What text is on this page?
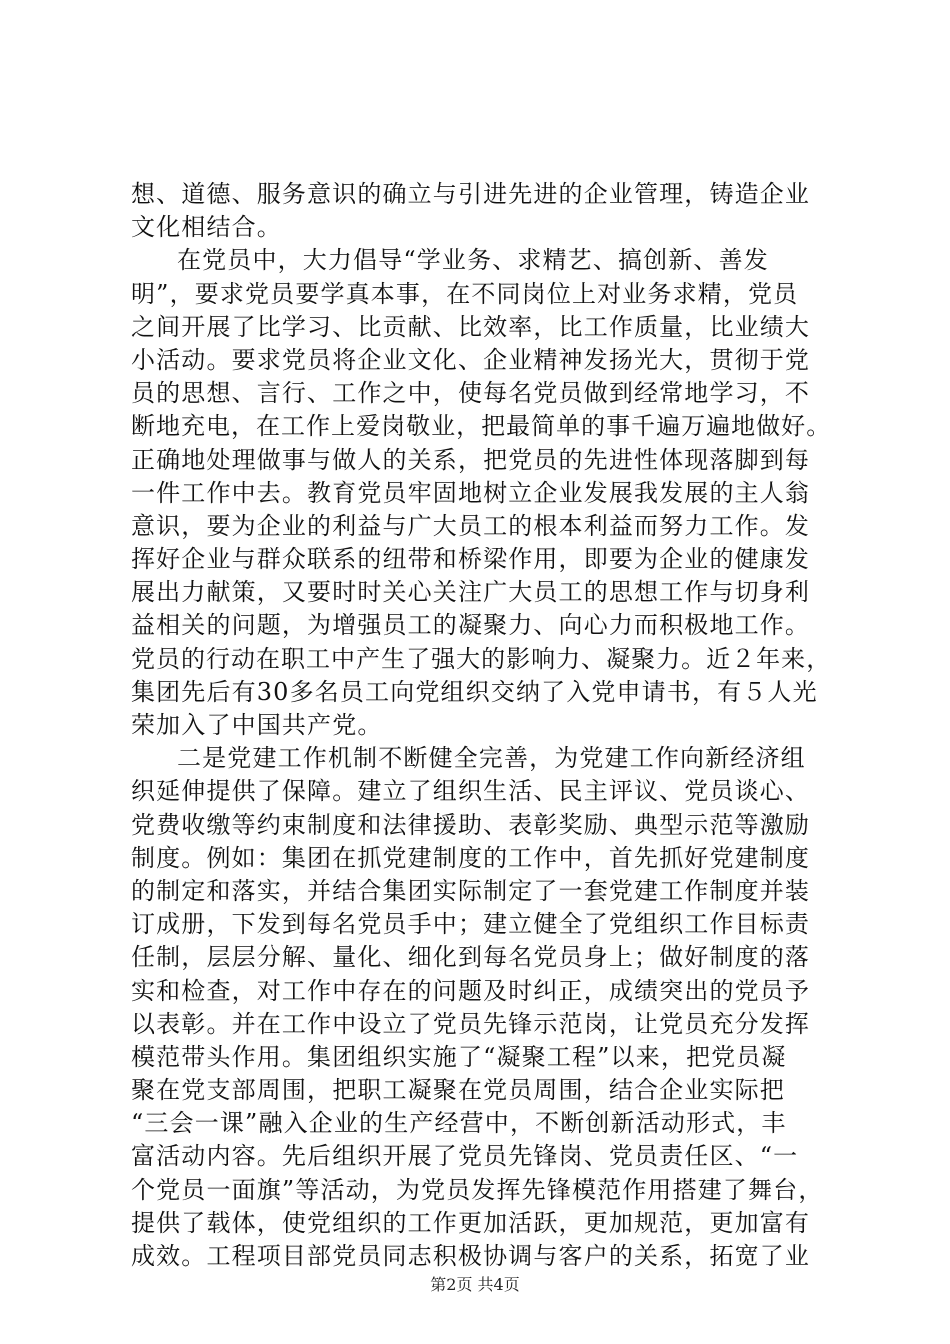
想、道德、服务意识的确立与引进先进的企业管理，铸造企业
文化相结合。
在党员中，大力倡导“学业务、求精艺、搞创新、善发
明”，要求党员要学真本事，在不同岗位上对业务求精，党员
之间开展了比学习、比贡献、比效率，比工作质量，比业绩大
小活动。要求党员将企业文化、企业精神发扬光大，贯彻于党
员的思想、言行、工作之中，使每名党员做到经常地学习，不
断地充电，在工作上爱岗敬业，把最简单的事千遍万遍地做好。
正确地处理做事与做人的关系，把党员的先进性体现落脚到每
一件工作中去。教育党员牢固地树立企业发展我发展的主人翁
意识，要为企业的利益与广大员工的根本利益而努力工作。发
挥好企业与群众联系的纽带和桥梁作用，即要为企业的健康发
展出力献策，又要时时关心关注广大员工的思想工作与切身利
益相关的问题，为增强员工的凝聚力、向心力而积极地工作。
党员的行动在职工中产生了强大的影响力、凝聚力。近２年来，
集团先后有30多名员工向党组织交纳了入党申请书，有５人光
荣加入了中国共产党。
二是党建工作机制不断健全完善，为党建工作向新经济组
织延伸提供了保障。建立了组织生活、民主评议、党员谈心、
党费收缴等约束制度和法律援助、表彰奖励、典型示范等激励
制度。例如：集团在抓党建制度的工作中，首先抓好党建制度
的制定和落实，并结合集团实际制定了一套党建工作制度并装
订成册，下发到每名党员手中；建立健全了党组织工作目标责
任制，层层分解、量化、细化到每名党员身上；做好制度的落
实和检查，对工作中存在的问题及时纠正，成绩突出的党员予
以表彰。并在工作中设立了党员先锋示范岗，让党员充分发挥
模范带头作用。集团组织实施了“凝聚工程”以来，把党员凝
聚在党支部周围，把职工凝聚在党员周围，结合企业实际把
“三会一课”融入企业的生产经营中，不断创新活动形式，丰
富活动内容。先后组织开展了党员先锋岗、党员责任区、“一
个党员一面旗”等活动，为党员发挥先锋模范作用搭建了舞台，
提供了载体，使党组织的工作更加活跃，更加规范，更加富有
成效。工程项目部党员同志积极协调与客户的关系，拓宽了业
第2页 共4页
